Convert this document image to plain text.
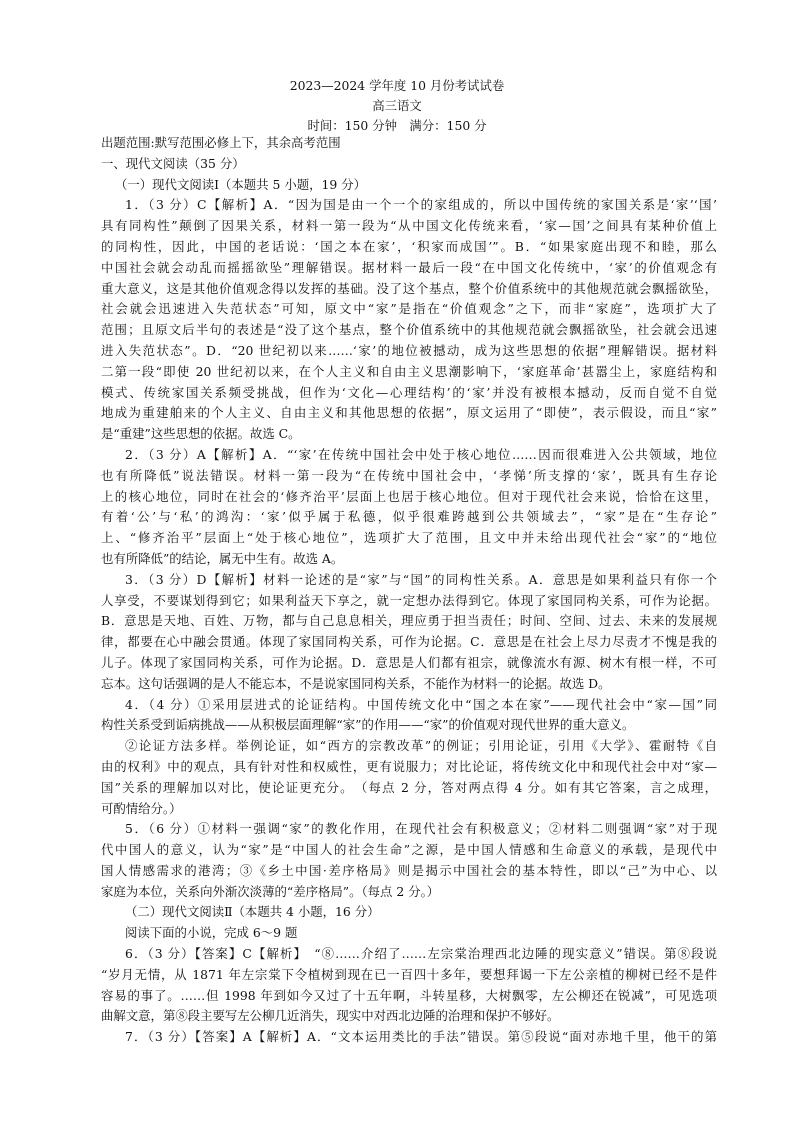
2023—2024 学年度 10 月份考试试卷
高三语文
时间：150 分钟　满分：150 分
出题范围:默写范围必修上下，其余高考范围
一、现代文阅读（35 分）
（一）现代文阅读Ⅰ（本题共 5 小题，19 分）
1．（3 分）C【解析】A．“因为国是由一个一个的家组成的，所以中国传统的家国关系是‘家’‘国’
具有同构性”颠倒了因果关系，材料一第一段为“从中国文化传统来看，‘家—国’之间具有某种价值上
的同构性，因此，中国的老话说：‘国之本在家’，‘积家而成国’”。B．“如果家庭出现不和睦，那么
中国社会就会动乱而摇摇欲坠”理解错误。据材料一最后一段“在中国文化传统中，‘家’的价值观念有
重大意义，这是其他价值观念得以发挥的基础。没了这个基点，整个价值系统中的其他规范就会飘摇欲坠，
社会就会迅速进入失范状态”可知，原文中“家”是指在“价值观念”之下，而非“家庭”，选项扩大了
范围；且原文后半句的表述是“没了这个基点，整个价值系统中的其他规范就会飘摇欲坠，社会就会迅速
进入失范状态”。D．“20 世纪初以来……‘家’的地位被撼动，成为这些思想的依据”理解错误。据材料
二第一段“即使 20 世纪初以来，在个人主义和自由主义思潮影响下，‘家庭革命’甚嚣尘上，家庭结构和
模式、传统家国关系频受挑战，但作为‘文化—心理结构’的‘家’并没有被根本撼动，反而自觉不自觉
地成为重建舶来的个人主义、自由主义和其他思想的依据”，原文运用了“即使”，表示假设，而且“家”
是“重建”这些思想的依据。故选 C。
2．（3 分）A【解析】A．“‘家’在传统中国社会中处于核心地位……因而很难进入公共领域，地位
也有所降低”说法错误。材料一第一段为“在传统中国社会中，‘孝悌’所支撑的‘家’，既具有生存论
上的核心地位，同时在社会的‘修齐治平’层面上也居于核心地位。但对于现代社会来说，恰恰在这里，
有着‘公’与‘私’的鸿沟：‘家’似乎属于私德，似乎很难跨越到公共领域去”，“家”是在“生存论”
上、“修齐治平”层面上“处于核心地位”，选项扩大了范围，且文中并未给出现代社会“家”的“地位
也有所降低”的结论，属无中生有。故选 A。
3．（3 分）D【解析】材料一论述的是“家”与“国”的同构性关系。A．意思是如果利益只有你一个
人享受，不要谋划得到它；如果利益天下享之，就一定想办法得到它。体现了家国同构关系，可作为论据。
B．意思是天地、百姓、万物，都与自己息息相关，理应勇于担当责任；时间、空间、过去、未来的发展规
律，都要在心中融会贯通。体现了家国同构关系，可作为论据。C．意思是在社会上尽力尽责才不愧是我的
儿子。体现了家国同构关系，可作为论据。D．意思是人们都有祖宗，就像流水有源、树木有根一样，不可
忘本。这句话强调的是人不能忘本，不是说家国同构关系，不能作为材料一的论据。故选 D。
4．（4 分）①采用层进式的论证结构。中国传统文化中“国之本在家”——现代社会中“家—国”同
构性关系受到诟病挑战——从积极层面理解“家”的作用——“家”的价值观对现代世界的重大意义。
②论证方法多样。举例论证，如“西方的宗教改革”的例证；引用论证，引用《大学》、霍耐特《自
由的权利》中的观点，具有针对性和权威性，更有说服力；对比论证，将传统文化中和现代社会中对“家—
国”关系的理解加以对比，使论证更充分。　（每点 2 分，答对两点得 4 分。如有其它答案，言之成理，
可酌情给分。）
5．（6 分）①材料一强调“家”的教化作用，在现代社会有积极意义；②材料二则强调“家”对于现
代中国人的意义，认为“家”是“中国人的社会生命”之源，是中国人情感和生命意义的承载，是现代中
国人情感需求的港湾；③《乡土中国·差序格局》则是揭示中国社会的基本特性，即以“己”为中心、以
家庭为本位，关系向外渐次淡薄的“差序格局”。（每点 2 分。）
（二）现代文阅读Ⅱ（本题共 4 小题，16 分）
阅读下面的小说，完成 6～9 题
6．（3 分）【答案】C【解析】　“⑧……介绍了……左宗棠治理西北边陲的现实意义”错误。第⑧段说
“岁月无情，从 1871 年左宗棠下令植树到现在已一百四十多年，要想拜谒一下左公亲植的柳树已经不是件
容易的事了。……但 1998 年到如今又过了十五年啊，斗转星移，大树飘零，左公柳还在锐减”，可见选项
曲解文意，第⑧段主要写左公柳几近消失，现实中对西北边陲的治理和保护不够好。
7．（3 分）【答案】A【解析】A．“文本运用类比的手法”错误。第⑤段说“面对赤地千里，他干的第
